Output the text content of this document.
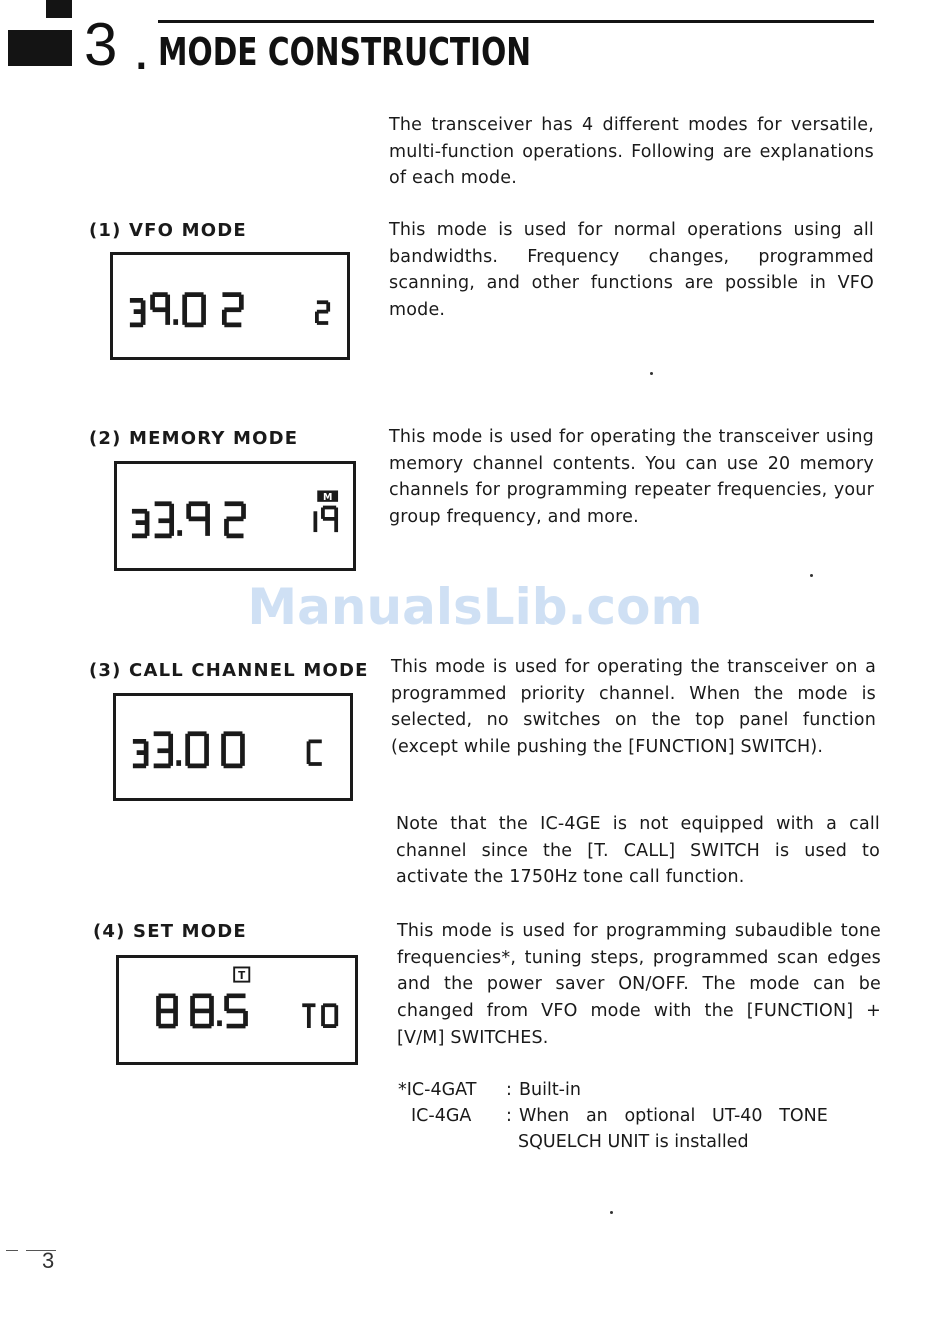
3 . MODE CONSTRUCTION

The transceiver has 4 different modes for versatile, multi-function operations. Following are explanations of each mode.

(1) VFO MODE	This mode is used for normal operations using all bandwidths. Frequency changes, programmed scanning, and other functions are possible in VFO mode.

(2) MEMORY MODE	This mode is used for operating the transceiver using memory channel contents. You can use 20 memory channels for programming repeater frequencies, your group frequency, and more.

M
ManualsLib.com
(3) CALL CHANNEL MODE This mode is used for operating the transceiver on a programmed priority channel. When the mode is selected, no switches on the top panel function (except while pushing the [FUNCTION] SWITCH).

Note that the IC-4GE is not equipped with a call channel since the [T. CALL] SWITCH is used to activate the 1750Hz tone call function.

(4) SET MODE	This mode is used for programming subaudible tone frequencies*, tuning steps, programmed scan edges and the power saver ON/OFF. The mode can be changed from VFO mode with the [FUNCTION] + [V/M] SWITCHES.

T
*IC-4GAT : Built-in
IC-4GA : When   an   optional   UT-40   TONE
SQUELCH UNIT is installed
3
